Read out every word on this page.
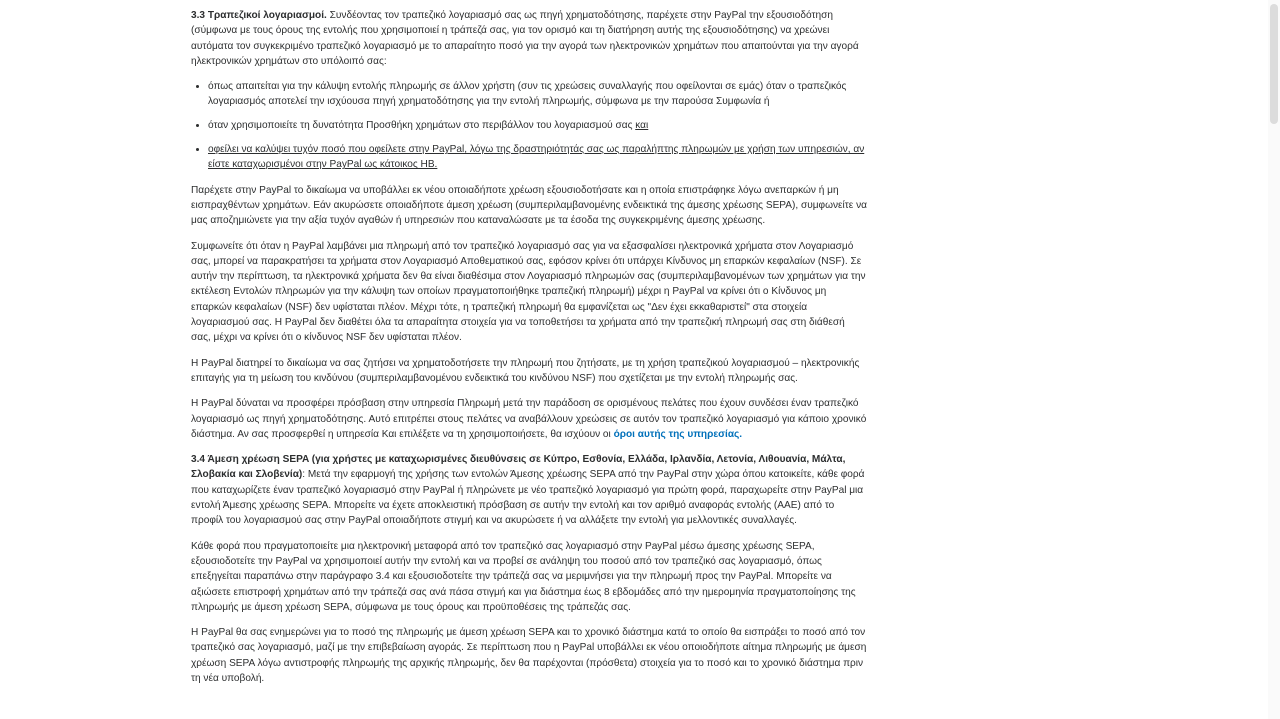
3.3 Τραπεζικοί λογαριασμοί. Συνδέοντας τον τραπεζικό λογαριασμό σας ως πηγή χρηματοδότησης, παρέχετε στην PayPal την εξουσιοδότηση (σύμφωνα με τους όρους της εντολής που χρησιμοποιεί η τράπεζά σας, για τον ορισμό και τη διατήρηση αυτής της εξουσιοδότησης) να χρεώνει αυτόματα τον συγκεκριμένο τραπεζικό λογαριασμό με το απαραίτητο ποσό για την αγορά των ηλεκτρονικών χρημάτων που απαιτούνται για την αγορά ηλεκτρονικών χρημάτων στο υπόλοιπό σας:

• όπως απαιτείται για την κάλυψη εντολής πληρωμής σε άλλον χρήστη (συν τις χρεώσεις συναλλαγής που οφείλονται σε εμάς) όταν ο τραπεζικός λογαριασμός αποτελεί την ισχύουσα πηγή χρηματοδότησης για την εντολή πληρωμής, σύμφωνα με την παρούσα Συμφωνία ή
• όταν χρησιμοποιείτε τη δυνατότητα Προσθήκη χρημάτων στο περιβάλλον του λογαριασμού σας και
• οφείλει να καλύψει τυχόν ποσό που οφείλετε στην PayPal, λόγω της δραστηριότητάς σας ως παραλήπτης πληρωμών με χρήση των υπηρεσιών, αν είστε καταχωρισμένοι στην PayPal ως κάτοικος ΗΒ.

Παρέχετε στην PayPal το δικαίωμα να υποβάλλει εκ νέου οποιαδήποτε χρέωση εξουσιοδοτήσατε και η οποία επιστράφηκε λόγω ανεπαρκών ή μη εισπραχθέντων χρημάτων. Εάν ακυρώσετε οποιαδήποτε άμεση χρέωση (συμπεριλαμβανομένης ενδεικτικά της άμεσης χρέωσης SEPA), συμφωνείτε να μας αποζημιώνετε για την αξία τυχόν αγαθών ή υπηρεσιών που καταναλώσατε με τα έσοδα της συγκεκριμένης άμεσης χρέωσης.

Συμφωνείτε ότι όταν η PayPal λαμβάνει μια πληρωμή από τον τραπεζικό λογαριασμό σας για να εξασφαλίσει ηλεκτρονικά χρήματα στον Λογαριασμό σας, μπορεί να παρακρατήσει τα χρήματα στον Λογαριασμό Αποθεματικού σας, εφόσον κρίνει ότι υπάρχει Κίνδυνος μη επαρκών κεφαλαίων (NSF). Σε αυτήν την περίπτωση, τα ηλεκτρονικά χρήματα δεν θα είναι διαθέσιμα στον Λογαριασμό πληρωμών σας (συμπεριλαμβανομένων των χρημάτων για την εκτέλεση Εντολών πληρωμών για την κάλυψη των οποίων πραγματοποιήθηκε τραπεζική πληρωμή) μέχρι η PayPal να κρίνει ότι ο Κίνδυνος μη επαρκών κεφαλαίων (NSF) δεν υφίσταται πλέον. Μέχρι τότε, η τραπεζική πληρωμή θα εμφανίζεται ως "Δεν έχει εκκαθαριστεί" στα στοιχεία λογαριασμού σας. Η PayPal δεν διαθέτει όλα τα απαραίτητα στοιχεία για να τοποθετήσει τα χρήματα από την τραπεζική πληρωμή σας στη διάθεσή σας, μέχρι να κρίνει ότι ο κίνδυνος NSF δεν υφίσταται πλέον.

Η PayPal διατηρεί το δικαίωμα να σας ζητήσει να χρηματοδοτήσετε την πληρωμή που ζητήσατε, με τη χρήση τραπεζικού λογαριασμού – ηλεκτρονικής επιταγής για τη μείωση του κινδύνου (συμπεριλαμβανομένου ενδεικτικά του κινδύνου NSF) που σχετίζεται με την εντολή πληρωμής σας.

Η PayPal δύναται να προσφέρει πρόσβαση στην υπηρεσία Πληρωμή μετά την παράδοση σε ορισμένους πελάτες που έχουν συνδέσει έναν τραπεζικό λογαριασμό ως πηγή χρηματοδότησης. Αυτό επιτρέπει στους πελάτες να αναβάλλουν χρεώσεις σε αυτόν τον τραπεζικό λογαριασμό για κάποιο χρονικό διάστημα. Αν σας προσφερθεί η υπηρεσία Και επιλέξετε να τη χρησιμοποιήσετε, θα ισχύουν οι όροι αυτής της υπηρεσίας.

3.4 Άμεση χρέωση SEPA (για χρήστες με καταχωρισμένες διευθύνσεις σε Κύπρο, Εσθονία, Ελλάδα, Ιρλανδία, Λετονία, Λιθουανία, Μάλτα, Σλοβακία και Σλοβενία): Μετά την εφαρμογή της χρήσης των εντολών Άμεσης χρέωσης SEPA από την PayPal στην χώρα όπου κατοικείτε, κάθε φορά που καταχωρίζετε έναν τραπεζικό λογαριασμό στην PayPal ή πληρώνετε με νέο τραπεζικό λογαριασμό για πρώτη φορά, παραχωρείτε στην PayPal μια εντολή Άμεσης χρέωσης SEPA. Μπορείτε να έχετε αποκλειστική πρόσβαση σε αυτήν την εντολή και τον αριθμό αναφοράς εντολής (AAE) από το προφίλ του λογαριασμού σας στην PayPal οποιαδήποτε στιγμή και να ακυρώσετε ή να αλλάξετε την εντολή για μελλοντικές συναλλαγές.

Κάθε φορά που πραγματοποιείτε μια ηλεκτρονική μεταφορά από τον τραπεζικό σας λογαριασμό στην PayPal μέσω άμεσης χρέωσης SEPA, εξουσιοδοτείτε την PayPal να χρησιμοποιεί αυτήν την εντολή και να προβεί σε ανάληψη του ποσού από τον τραπεζικό σας λογαριασμό, όπως επεξηγείται παραπάνω στην παράγραφο 3.4 και εξουσιοδοτείτε την τράπεζά σας να μεριμνήσει για την πληρωμή προς την PayPal. Μπορείτε να αξιώσετε επιστροφή χρημάτων από την τράπεζά σας ανά πάσα στιγμή και για διάστημα έως 8 εβδομάδες από την ημερομηνία πραγματοποίησης της πληρωμής με άμεση χρέωση SEPA, σύμφωνα με τους όρους και προϋποθέσεις της τράπεζάς σας.

Η PayPal θα σας ενημερώνει για το ποσό της πληρωμής με άμεση χρέωση SEPA και το χρονικό διάστημα κατά το οποίο θα εισπράξει το ποσό από τον τραπεζικό σας λογαριασμό, μαζί με την επιβεβαίωση αγοράς. Σε περίπτωση που η PayPal υποβάλλει εκ νέου οποιοδήποτε αίτημα πληρωμής με άμεση χρέωση SEPA λόγω αντιστροφής πληρωμής της αρχικής πληρωμής, δεν θα παρέχονται (πρόσθετα) στοιχεία για το ποσό και το χρονικό διάστημα πριν τη νέα υποβολή.
